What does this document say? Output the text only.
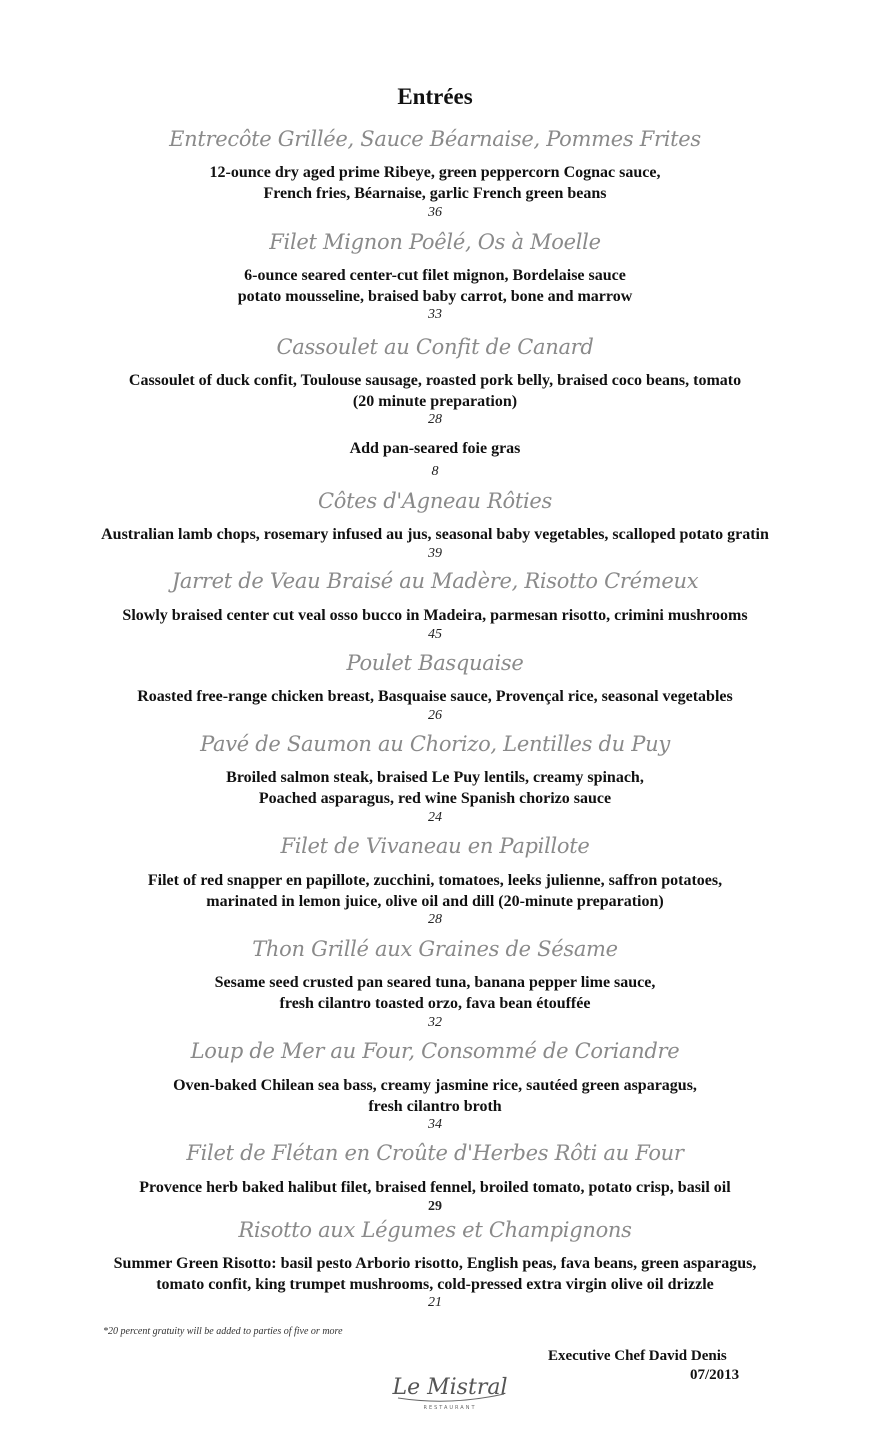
Entrées
Entrecôte Grillée, Sauce Béarnaise, Pommes Frites
12-ounce dry aged prime Ribeye, green peppercorn Cognac sauce,
French fries, Béarnaise, garlic French green beans
36
Filet Mignon Poêlé, Os à Moelle
6-ounce seared center-cut filet mignon, Bordelaise sauce
potato mousseline, braised baby carrot, bone and marrow
33
Cassoulet au Confit de Canard
Cassoulet of duck confit, Toulouse sausage, roasted pork belly, braised coco beans, tomato
(20 minute preparation)
28
Add pan-seared foie gras
8
Côtes d'Agneau Rôties
Australian lamb chops, rosemary infused au jus, seasonal baby vegetables, scalloped potato gratin
39
Jarret de Veau Braisé au Madère, Risotto Crémeux
Slowly braised center cut veal osso bucco in Madeira, parmesan risotto, crimini mushrooms
45
Poulet Basquaise
Roasted free-range chicken breast, Basquaise sauce, Provençal rice, seasonal vegetables
26
Pavé de Saumon au Chorizo, Lentilles du Puy
Broiled salmon steak, braised Le Puy lentils, creamy spinach,
Poached asparagus, red wine Spanish chorizo sauce
24
Filet de Vivaneau en Papillote
Filet of red snapper en papillote, zucchini, tomatoes, leeks julienne, saffron potatoes,
marinated in lemon juice, olive oil and dill (20-minute preparation)
28
Thon Grillé aux Graines de Sésame
Sesame seed crusted pan seared tuna, banana pepper lime sauce,
fresh cilantro toasted orzo, fava bean étouffée
32
Loup de Mer au Four, Consommé de Coriandre
Oven-baked Chilean sea bass, creamy jasmine rice, sautéed green asparagus,
fresh cilantro broth
34
Filet de Flétan en Croûte d'Herbes Rôti au Four
Provence herb baked halibut filet, braised fennel, broiled tomato, potato crisp, basil oil
29
Risotto aux Légumes et Champignons
Summer Green Risotto: basil pesto Arborio risotto, English peas, fava beans, green asparagus,
tomato confit, king trumpet mushrooms, cold-pressed extra virgin olive oil drizzle
21
*20 percent gratuity will be added to parties of five or more
Executive Chef David Denis
07/2013
Le Mistral
RESTAURANT
